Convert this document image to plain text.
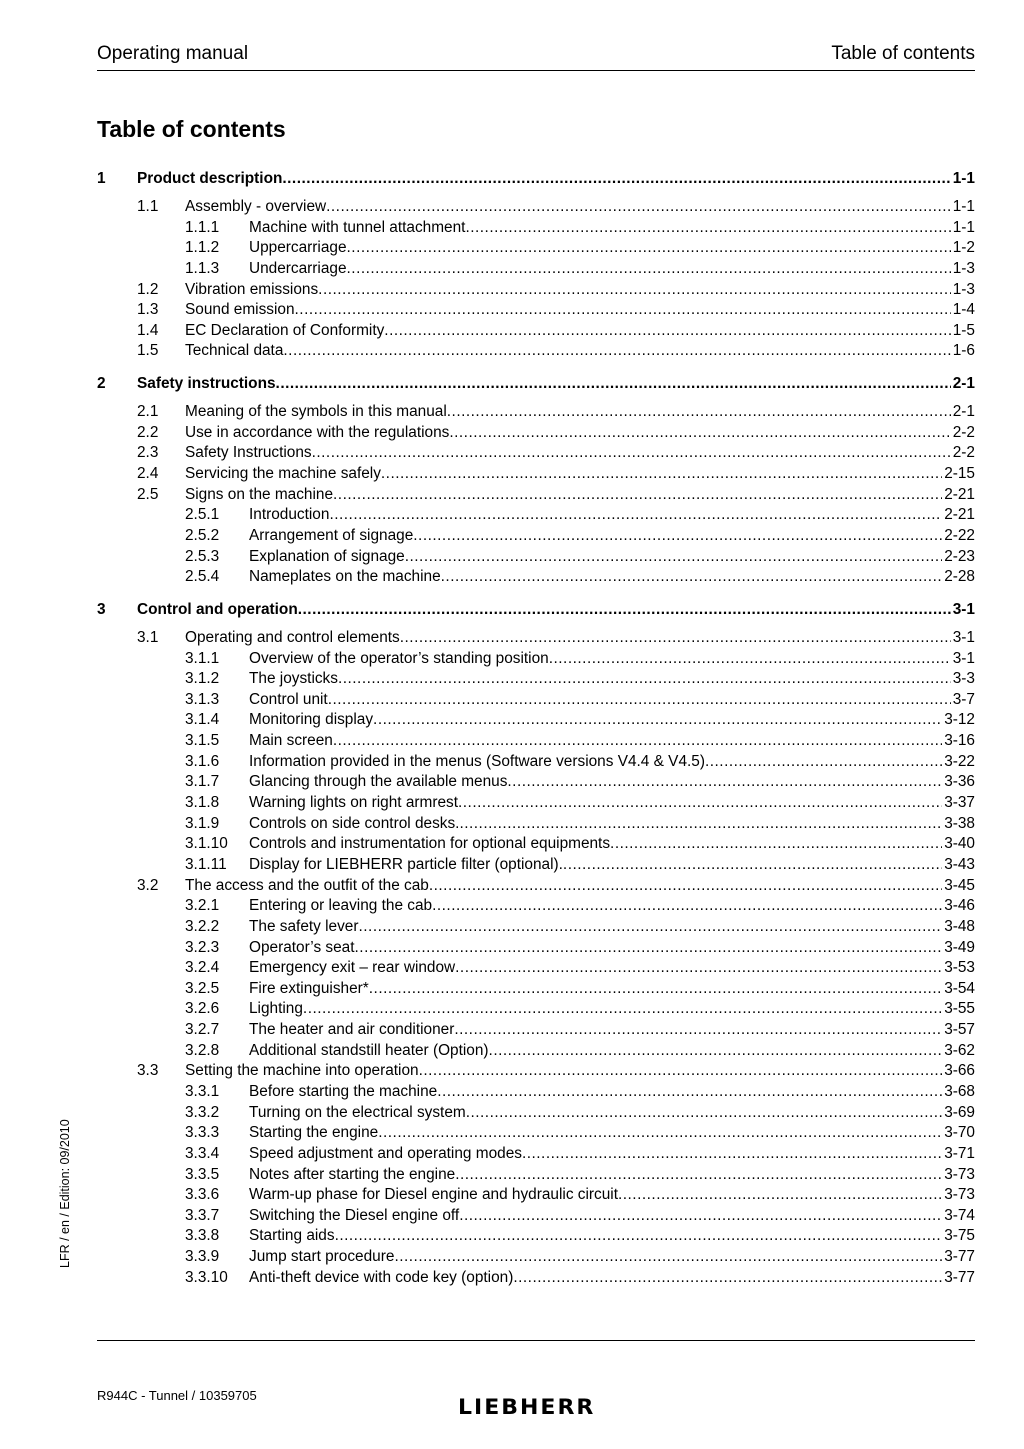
Operating manual	Table of contents
Table of contents
1 Product description .....	1-1
1.1 Assembly - overview .....	1-1
1.1.1 Machine with tunnel attachment .....	1-1
1.1.2 Uppercarriage .....	1-2
1.1.3 Undercarriage .....	1-3
1.2 Vibration emissions .....	1-3
1.3 Sound emission .....	1-4
1.4 EC Declaration of Conformity .....	1-5
1.5 Technical data .....	1-6
2 Safety instructions .....	2-1
2.1 Meaning of the symbols in this manual .....	2-1
2.2 Use in accordance with the regulations .....	2-2
2.3 Safety Instructions .....	2-2
2.4 Servicing the machine safely .....	2-15
2.5 Signs on the machine .....	2-21
2.5.1 Introduction .....	2-21
2.5.2 Arrangement of signage .....	2-22
2.5.3 Explanation of signage .....	2-23
2.5.4 Nameplates on the machine .....	2-28
3 Control and operation .....	3-1
3.1 Operating and control elements .....	3-1
3.1.1 Overview of the operator’s standing position .....	3-1
3.1.2 The joysticks .....	3-3
3.1.3 Control unit .....	3-7
3.1.4 Monitoring display .....	3-12
3.1.5 Main screen .....	3-16
3.1.6 Information provided in the menus (Software versions V4.4 & V4.5) .....	3-22
3.1.7 Glancing through the available menus .....	3-36
3.1.8 Warning lights on right armrest .....	3-37
3.1.9 Controls on side control desks. .....	3-38
3.1.10 Controls and instrumentation for optional equipments .....	3-40
3.1.11 Display for LIEBHERR particle filter (optional). .....	3-43
3.2 The access and the outfit of the cab .....	3-45
3.2.1 Entering or leaving the cab .....	3-46
3.2.2 The safety lever .....	3-48
3.2.3 Operator’s seat .....	3-49
3.2.4 Emergency exit – rear window .....	3-53
3.2.5 Fire extinguisher* .....	3-54
3.2.6 Lighting .....	3-55
3.2.7 The heater and air conditioner .....	3-57
3.2.8 Additional standstill heater (Option) .....	3-62
3.3 Setting the machine into operation .....	3-66
3.3.1 Before starting the machine .....	3-68
3.3.2 Turning on the electrical system .....	3-69
3.3.3 Starting the engine .....	3-70
3.3.4 Speed adjustment and operating modes .....	3-71
3.3.5 Notes after starting the engine .....	3-73
3.3.6 Warm-up phase for Diesel engine and hydraulic circuit .....	3-73
3.3.7 Switching the Diesel engine off .....	3-74
3.3.8 Starting aids .....	3-75
3.3.9 Jump start procedure .....	3-77
3.3.10 Anti-theft device with code key (option) .....	3-77
LFR / en / Edition: 09/2010
R944C - Tunnel / 10359705
LIEBHERR
